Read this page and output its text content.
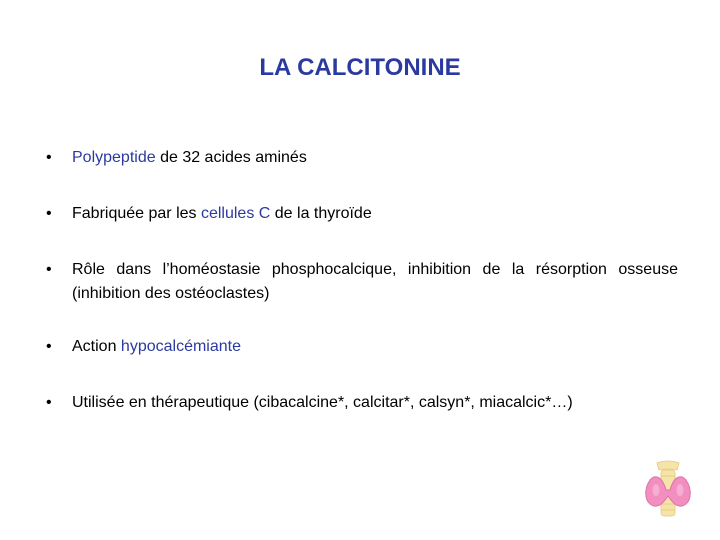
LA CALCITONINE
•	Polypeptide de 32 acides aminés
•	Fabriquée par les cellules C de la thyroïde
•	Rôle dans l’homéostasie phosphocalcique, inhibition de la résorption osseuse (inhibition des ostéoclastes)
•	Action hypocalcémiante
•	Utilisée en thérapeutique (cibacalcine*, calcitar*, calsyn*, miacalcic*…)
